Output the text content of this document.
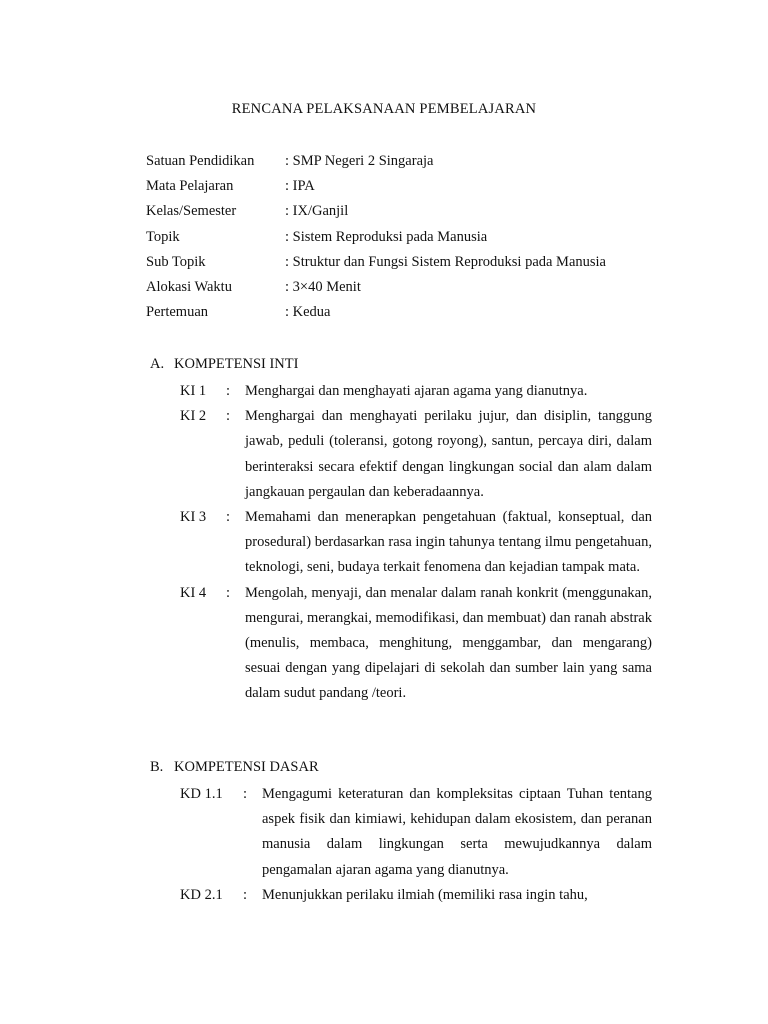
RENCANA PELAKSANAAN PEMBELAJARAN
Satuan Pendidikan	: SMP Negeri 2 Singaraja
Mata Pelajaran	: IPA
Kelas/Semester	: IX/Ganjil
Topik	: Sistem Reproduksi pada Manusia
Sub Topik	: Struktur dan Fungsi Sistem Reproduksi pada Manusia
Alokasi Waktu	: 3×40 Menit
Pertemuan	: Kedua
A. KOMPETENSI INTI
KI 1	:	Menghargai dan menghayati ajaran agama yang dianutnya.
KI 2	:	Menghargai dan menghayati perilaku jujur, dan disiplin, tanggung jawab, peduli (toleransi, gotong royong), santun, percaya diri, dalam berinteraksi secara efektif dengan lingkungan social dan alam dalam jangkauan pergaulan dan keberadaannya.
KI 3	:	Memahami dan menerapkan pengetahuan (faktual, konseptual, dan prosedural) berdasarkan rasa ingin tahunya tentang ilmu pengetahuan, teknologi, seni, budaya terkait fenomena dan kejadian tampak mata.
KI 4	:	Mengolah, menyaji, dan menalar dalam ranah konkrit (menggunakan, mengurai, merangkai, memodifikasi, dan membuat) dan ranah abstrak (menulis, membaca, menghitung, menggambar, dan mengarang) sesuai dengan yang dipelajari di sekolah dan sumber lain yang sama dalam sudut pandang /teori.
B. KOMPETENSI DASAR
KD 1.1	:	Mengagumi keteraturan dan kompleksitas ciptaan Tuhan tentang aspek fisik dan kimiawi, kehidupan dalam ekosistem, dan peranan manusia dalam lingkungan serta mewujudkannya dalam pengamalan ajaran agama yang dianutnya.
KD 2.1	:	Menunjukkan perilaku ilmiah (memiliki rasa ingin tahu,
